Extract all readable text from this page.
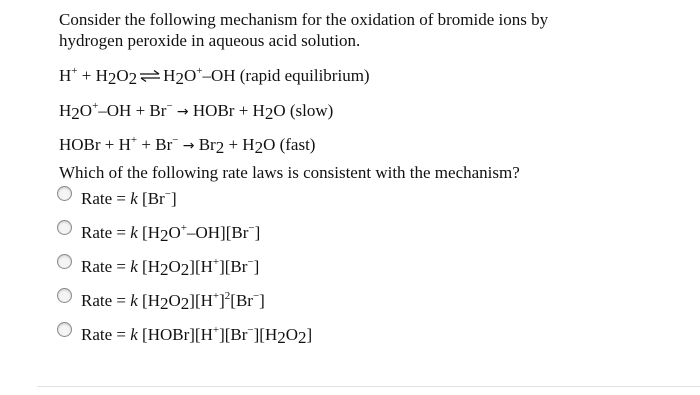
Consider the following mechanism for the oxidation of bromide ions by
hydrogen peroxide in aqueous acid solution.
$H^+ + H_2O_2$ ⇌ $H_2O^+-OH$ (rapid equilibrium)
$H_2O^+-OH + Br^-$ → HOBr + $H_2O$ (slow)
HOBr + $H^+ + Br^- \to Br_2 + H_2O$ (fast)
Which of the following rate laws is consistent with the mechanism?
Rate = k [Br−]
Rate = k $[H_2O^+-OH][Br^-]$
Rate = k $[H_2O_2][H^+][Br^-]$
Rate = k $[H_2O_2][H^+]^2[Br^-]$
Rate = k $[HOBr][H^+][Br^-][H_2O_2]$
